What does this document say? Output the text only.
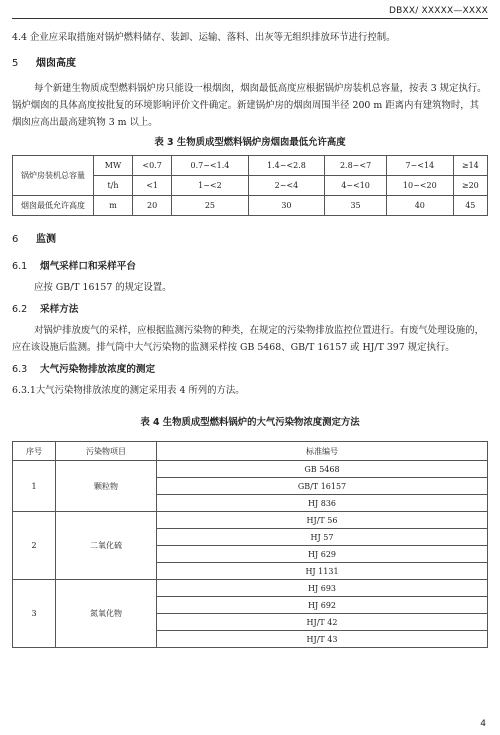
DBXX/ XXXXX—XXXX

4.4 企业应采取措施对锅炉燃料储存、装卸、运输、落料、出灰等无组织排放环节进行控制。

5 烟囱高度

每个新建生物质成型燃料锅炉房只能设一根烟囱，烟囱最低高度应根据锅炉房装机总容量，按表 3 规定执行。锅炉烟囱的具体高度按批复的环境影响评价文件确定。新建锅炉房的烟囱周围半径 200 m 距离内有建筑物时，其烟囱应高出最高建筑物 3 m 以上。

表 3 生物质成型燃料锅炉房烟囱最低允许高度
锅炉房装机总容量	MW	<0.7	0.7~<1.4	1.4~<2.8	2.8~<7	7~<14	≥14
	t/h	<1	1~<2	2~<4	4~<10	10~<20	≥20
烟囱最低允许高度	m	20	25	30	35	40	45
6 监测
6.1 烟气采样口和采样平台

应按 GB/T 16157 的规定设置。

6.2 采样方法

对锅炉排放废气的采样，应根据监测污染物的种类，在规定的污染物排放监控位置进行。有废气处理设施的，应在该设施后监测。排气筒中大气污染物的监测采样按 GB 5468、GB/T 16157 或 HJ/T 397 规定执行。

6.3 大气污染物排放浓度的测定

6.3.1大气污染物排放浓度的测定采用表 4 所列的方法。

表 4 生物质成型燃料锅炉的大气污染物浓度测定方法
序号	污染物项目	标准编号
1	颗粒物	GB 5468
		GB/T 16157
		HJ 836
2	二氧化硫	HJ/T 56
		HJ 57
		HJ 629
		HJ 1131
3	氮氧化物	HJ 693
		HJ 692
		HJ/T 42
		HJ/T 43
4
